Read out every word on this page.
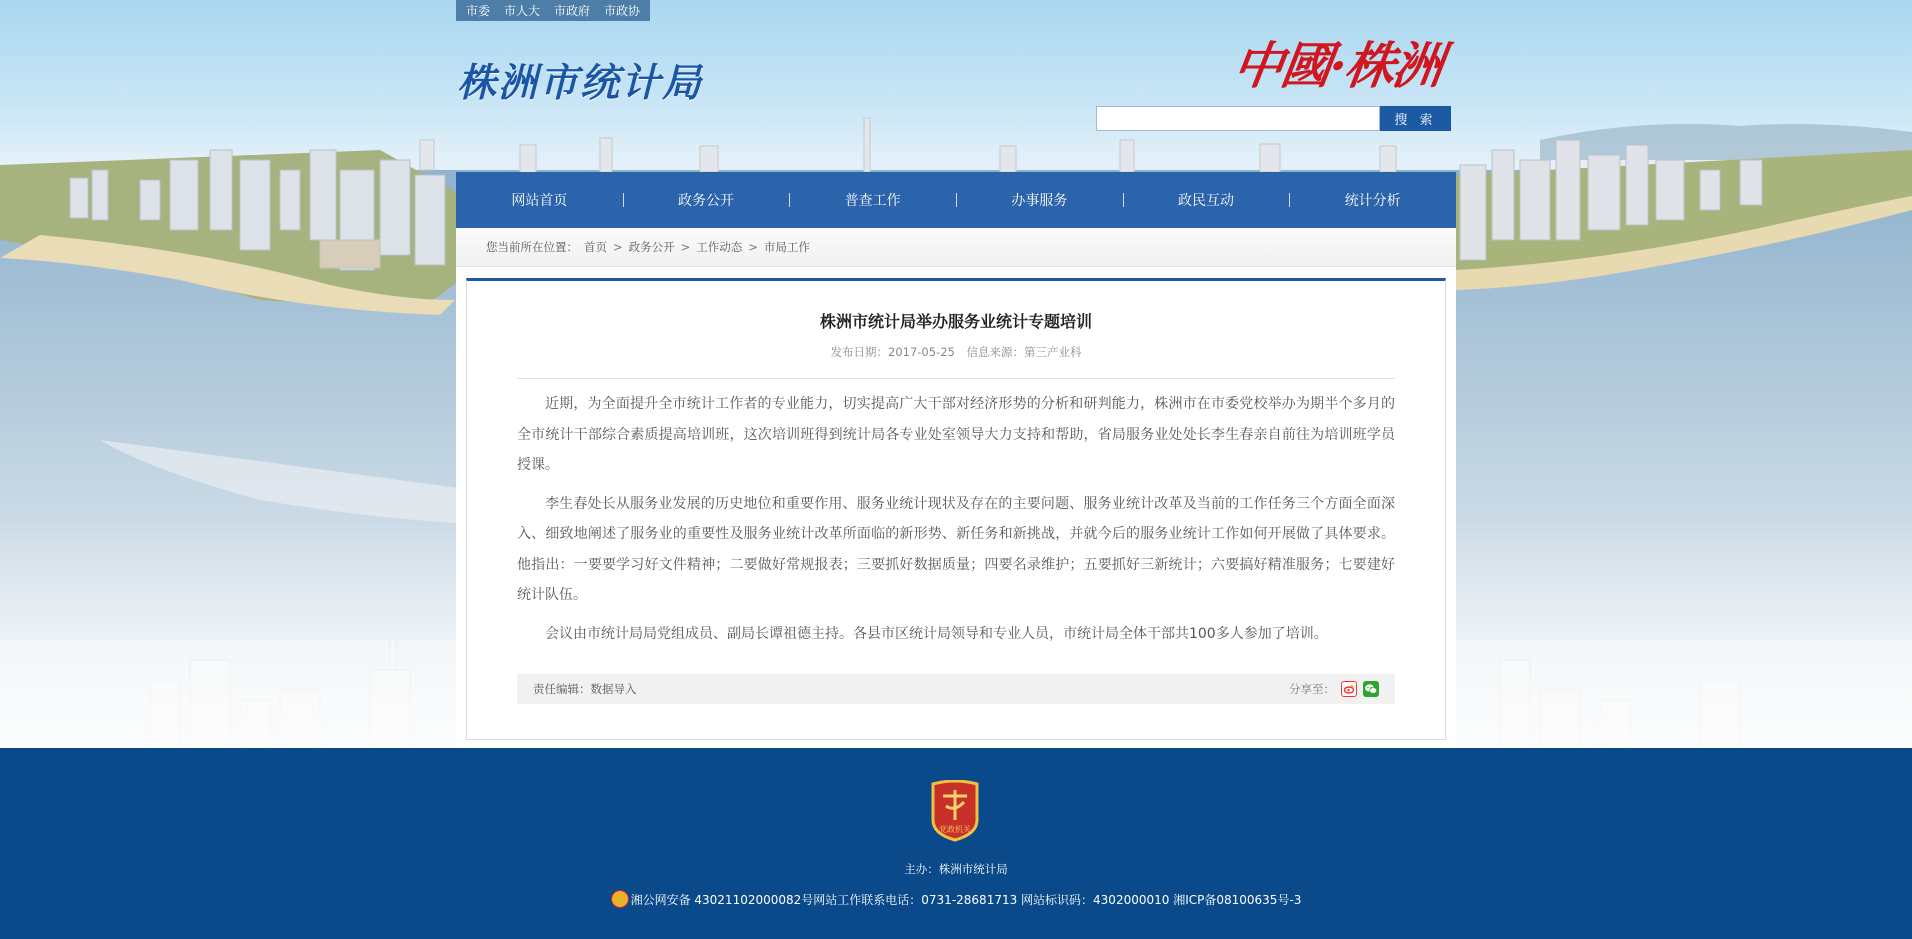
市委 市人大 市政府 市政协
株洲市统计局	中國·株洲
搜 索
网站首页	政务公开	普查工作	办事服务	政民互动	统计分析
您当前所在位置： 首页 > 政务公开 > 工作动态 > 市局工作
株洲市统计局举办服务业统计专题培训
发布日期：2017-05-25 信息来源：第三产业科

近期，为全面提升全市统计工作者的专业能力，切实提高广大干部对经济形势的分析和研判能力，株洲市在市委党校举办为期半个多月的全市统计干部综合素质提高培训班，这次培训班得到统计局各专业处室领导大力支持和帮助，省局服务业处处长李生春亲自前往为培训班学员授课。

李生春处长从服务业发展的历史地位和重要作用、服务业统计现状及存在的主要问题、服务业统计改革及当前的工作任务三个方面全面深入、细致地阐述了服务业的重要性及服务业统计改革所面临的新形势、新任务和新挑战，并就今后的服务业统计工作如何开展做了具体要求。他指出：一要要学习好文件精神；二要做好常规报表；三要抓好数据质量；四要名录维护；五要抓好三新统计；六要搞好精准服务；七要建好统计队伍。

会议由市统计局局党组成员、副局长谭祖德主持。各县市区统计局领导和专业人员，市统计局全体干部共100多人参加了培训。

责任编辑：数据导入	分享至：
党政机关
主办：株洲市统计局
湘公网安备 43021102000082号网站工作联系电话：0731-28681713 网站标识码：4302000010 湘ICP备08100635号-3
